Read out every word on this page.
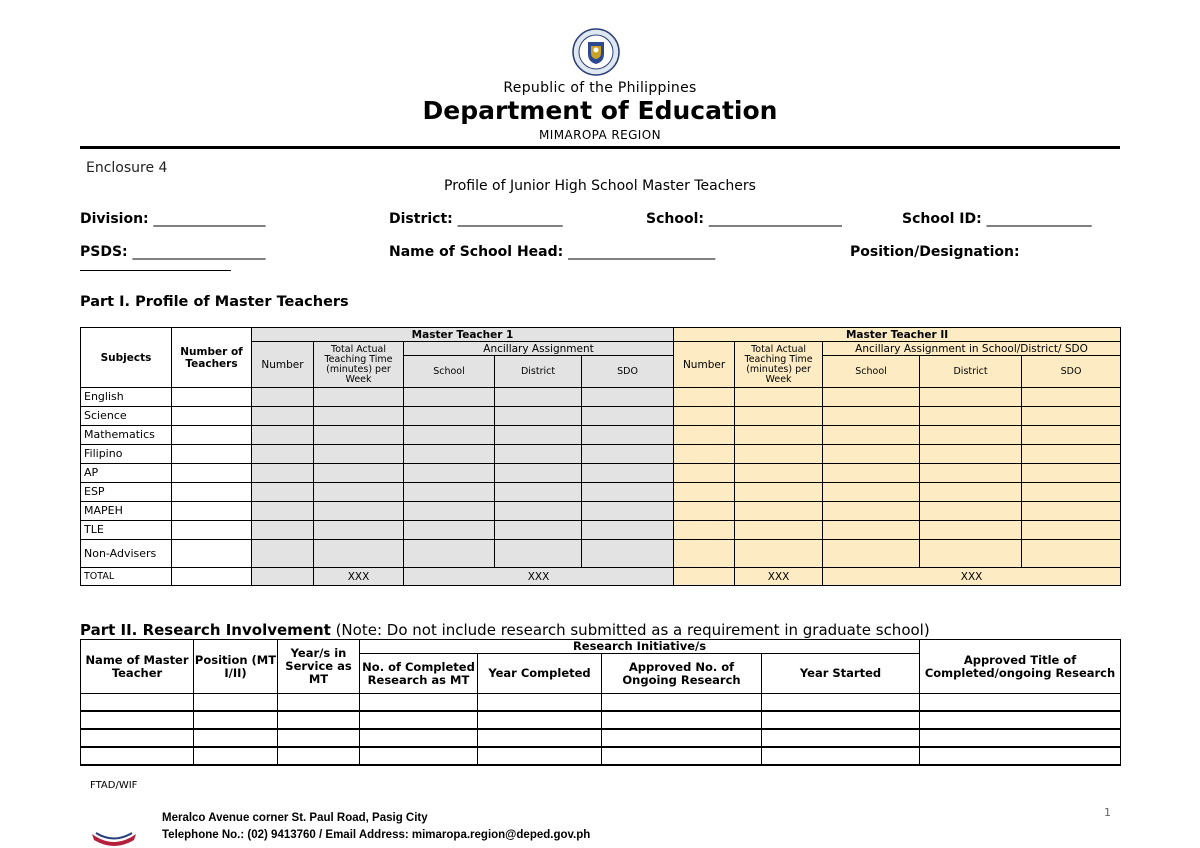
Republic of the Philippines
Department of Education
MIMAROPA REGION
Enclosure 4
Profile of Junior High School Master Teachers
Division: ________________	District: _______________	School: ___________________	School ID: _______________
PSDS: ___________________	Name of School Head: _____________________	Position/Designation:
Part I. Profile of Master Teachers
Subjects	Number of Teachers	Master Teacher 1					Master Teacher II				
		Number	Total Actual Teaching Time (minutes) per Week	Ancillary Assignment			Number	Total Actual Teaching Time (minutes) per Week	Ancillary Assignment in School/District/ SDO		
				School	District	SDO			School	District	SDO
English											
Science											
Mathematics											
Filipino											
AP											
ESP											
MAPEH											
TLE											
Non-Advisers											
TOTAL			XXX	XXX				XXX	XXX		
Part II. Research Involvement (Note: Do not include research submitted as a requirement in graduate school)
Name of Master Teacher	Position (MT I/II)	Year/s in Service as MT	Research Initiative/s				Approved Title of Completed/ongoing Research
			No. of Completed Research as MT	Year Completed	Approved No. of Ongoing Research	Year Started	

FTAD/WIF
1
Meralco Avenue corner St. Paul Road, Pasig City
Telephone No.: (02) 9413760 / Email Address: mimaropa.region@deped.gov.ph
